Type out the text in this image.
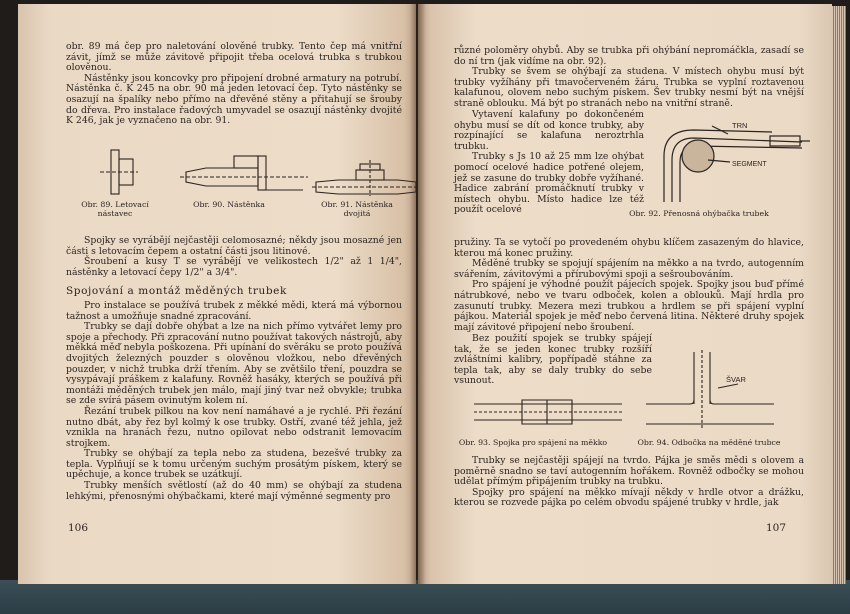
obr. 89 má čep pro naletování olověné trubky. Tento čep má vnitřní závit, jímž se může závitově připojit třeba ocelová trubka s trubkou olověnou.

Nástěnky jsou koncovky pro připojení drobné armatury na potrubí. Nástěnka č. K 245 na obr. 90 má jeden letovací čep. Tyto nástěnky se osazují na špalíky nebo přímo na dřevěné stěny a přitahují se šrouby do dřeva. Pro instalace řadových umyvadel se osazují nástěnky dvojité K 246, jak je vyznačeno na obr. 91.

Obr. 89. Letovací nástavec
Obr. 90. Nástěnka	Obr. 91. Nástěnka dvojitá

Spojky se vyrábějí nejčastěji celomosazné; někdy jsou mosazné jen části s letovacím čepem a ostatní části jsou litinové.

Šroubení a kusy T se vyrábějí ve velikostech 1/2" až 1 1/4", nástěnky a letovací čepy 1/2" a 3/4".

Spojování a montáž měděných trubek

Pro instalace se používá trubek z měkké mědi, která má výbornou tažnost a umožňuje snadné zpracování.

Trubky se dají dobře ohýbat a lze na nich přímo vytvářet lemy pro spoje a přechody. Při zpracování nutno používat takových nástrojů, aby měkká měď nebyla poškozena. Při upínání do svěráku se proto používá dvojitých železných pouzder s olověnou vložkou, nebo dřevěných pouzder, v nichž trubka drží třením. Aby se zvětšilo tření, pouzdra se vysypávají práškem z kalafuny. Rovněž hasáky, kterých se používá při montáži měděných trubek jen málo, mají jiný tvar než obvykle; trubka se zde svírá pásem ovinutým kolem ní.

Řezání trubek pilkou na kov není namáhavé a je rychlé. Při řezání nutno dbát, aby řez byl kolmý k ose trubky. Ostří, zvané též jehla, jež vznikla na hranách řezu, nutno opilovat nebo odstranit lemovacím strojkem.

Trubky se ohýbají za tepla nebo za studena, bezešvé trubky za tepla. Vyplňují se k tomu určeným suchým prosátým pískem, který se upěchuje, a konce trubek se uzátkují.

Trubky menších světlostí (až do 40 mm) se ohýbají za studena lehkými, přenosnými ohýbačkami, které mají výměnné segmenty pro

106

různé poloměry ohybů. Aby se trubka při ohýbání nepromáčkla, zasadí se do ní trn (jak vidíme na obr. 92).

Trubky se švem se ohýbají za studena. V místech ohybu musí být trubky vyžíhány při tmavočerveném žáru. Trubka se vyplní roztavenou kalafunou, olovem nebo suchým pískem. Šev trubky nesmí být na vnější straně oblouku. Má být po stranách nebo na vnitřní straně.

Vytavení kalafuny po dokončeném ohybu musí se dít od konce trubky, aby rozpínající se kalafuna neroztrhla trubku.

Trubky s Js 10 až 25 mm lze ohýbat pomocí ocelové hadice potřené olejem, jež se zasune do trubky dobře vyžíhané. Hadice zabrání promáčknutí trubky v místech ohybu. Místo hadice lze též použít ocelové

TRN
SEGMENT
Obr. 92. Přenosná ohýbačka trubek

pružiny. Ta se vytočí po provedeném ohybu klíčem zasazeným do hlavice, kterou má konec pružiny.

Měděné trubky se spojují spájením na měkko a na tvrdo, autogenním svářením, závitovými a přírubovými spoji a sešroubováním.

Pro spájení je výhodné použít pájecích spojek. Spojky jsou buď přímé nátrubkové, nebo ve tvaru odboček, kolen a oblouků. Mají hrdla pro zasunutí trubky. Mezera mezi trubkou a hrdlem se při spájení vyplní pájkou. Materiál spojek je měď nebo červená litina. Některé druhy spojek mají závitové připojení nebo šroubení.

Bez použití spojek se trubky spájejí tak, že se jeden konec trubky rozšíří zvláštními kalibry, popřípadě stáhne za tepla tak, aby se daly trubky do sebe vsunout.	ŠVAR
Obr. 93. Spojka pro spájení na měkko	Obr. 94. Odbočka na měděné trubce

Trubky se nejčastěji spájejí na tvrdo. Pájka je směs mědi s olovem a poměrně snadno se taví autogenním hořákem. Rovněž odbočky se mohou udělat přímým připájením trubky na trubku.

Spojky pro spájení na měkko mívají někdy v hrdle otvor a drážku, kterou se rozvede pájka po celém obvodu spájené trubky v hrdle, jak

107
